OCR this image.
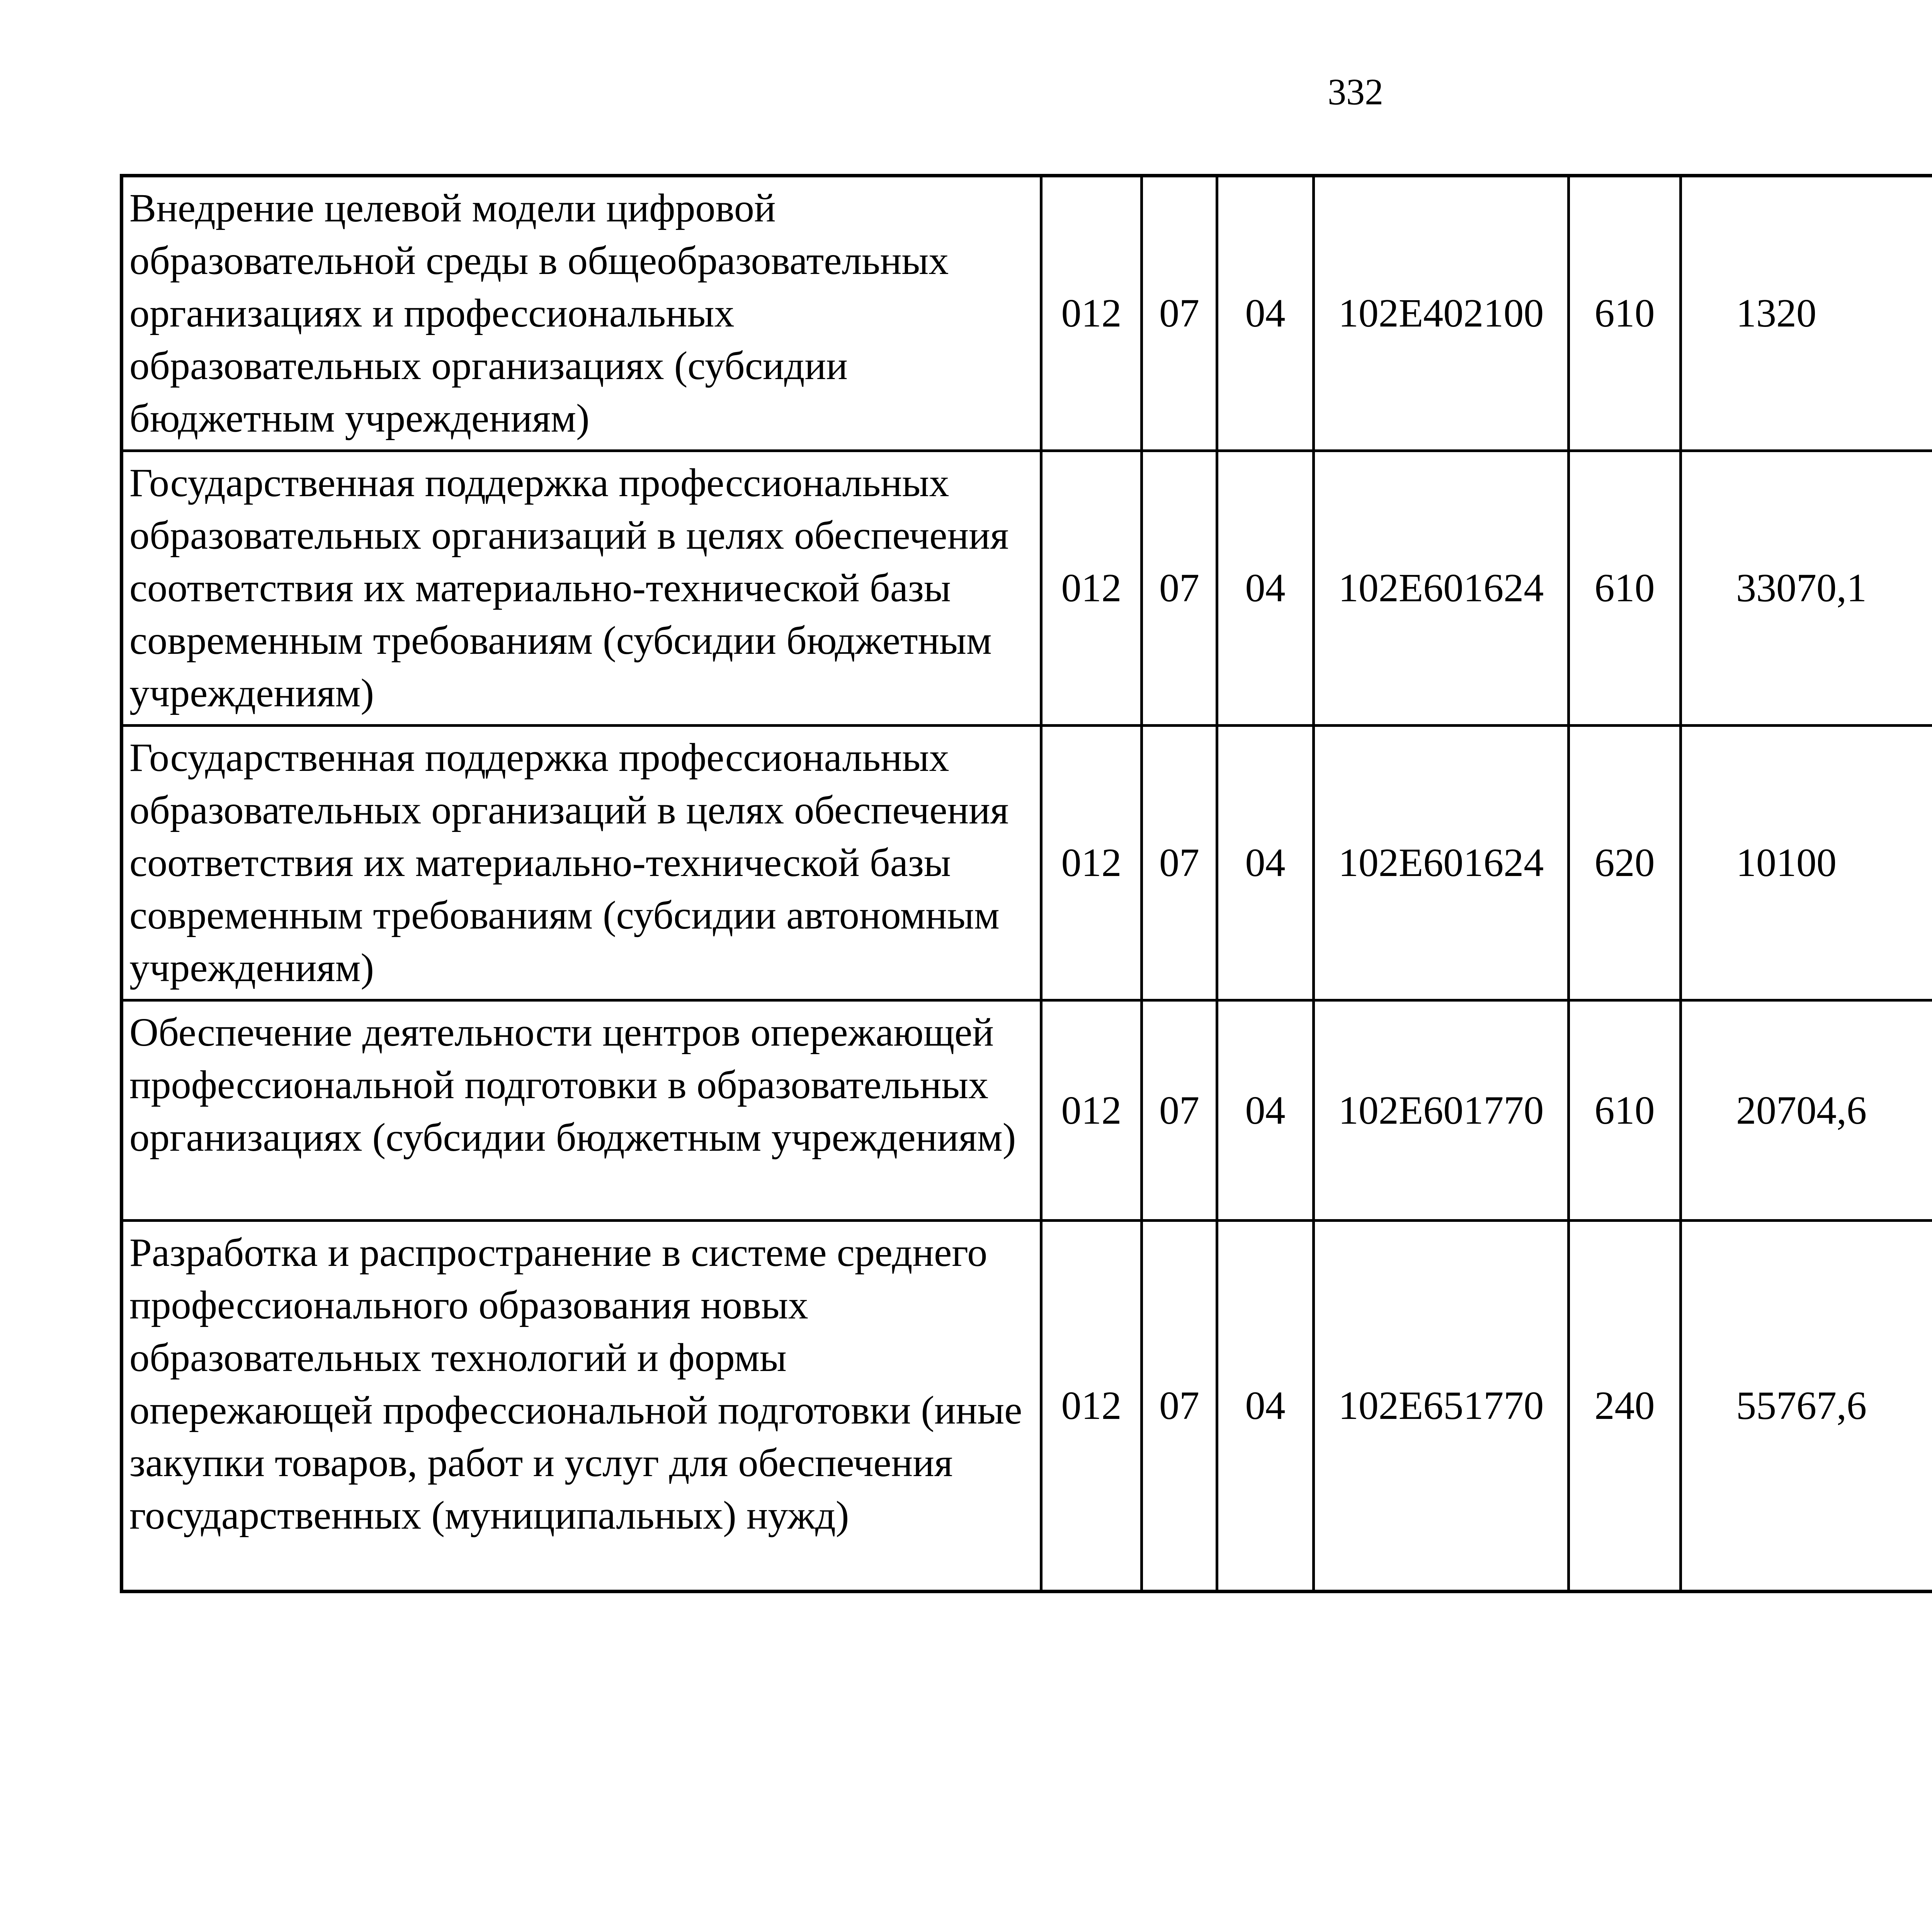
332
Внедрение целевой модели цифровой образовательной среды в общеобразовательных организациях и профессиональных образовательных организациях (субсидии бюджетным учреждениям)	012	07	04	102Е402100	610	1320		
Государственная поддержка профессиональных образовательных организаций в целях обеспечения соответствия их материально-технической базы современным требованиям (субсидии бюджетным учреждениям)	012	07	04	102Е601624	610	33070,1		
Государственная поддержка профессиональных образовательных организаций в целях обеспечения соответствия их материально-технической базы современным требованиям (субсидии автономным учреждениям)	012	07	04	102Е601624	620	10100		
Обеспечение деятельности центров опережающей профессиональной подготовки в образовательных организациях (субсидии бюджетным учреждениям)	012	07	04	102Е601770	610	20704,6		
Разработка и распространение в системе среднего профессионального образования новых образовательных технологий и формы опережающей профессиональной подготовки (иные закупки товаров, работ и услуг для обеспечения государственных (муниципальных) нужд)	012	07	04	102Е651770	240	55767,6		
